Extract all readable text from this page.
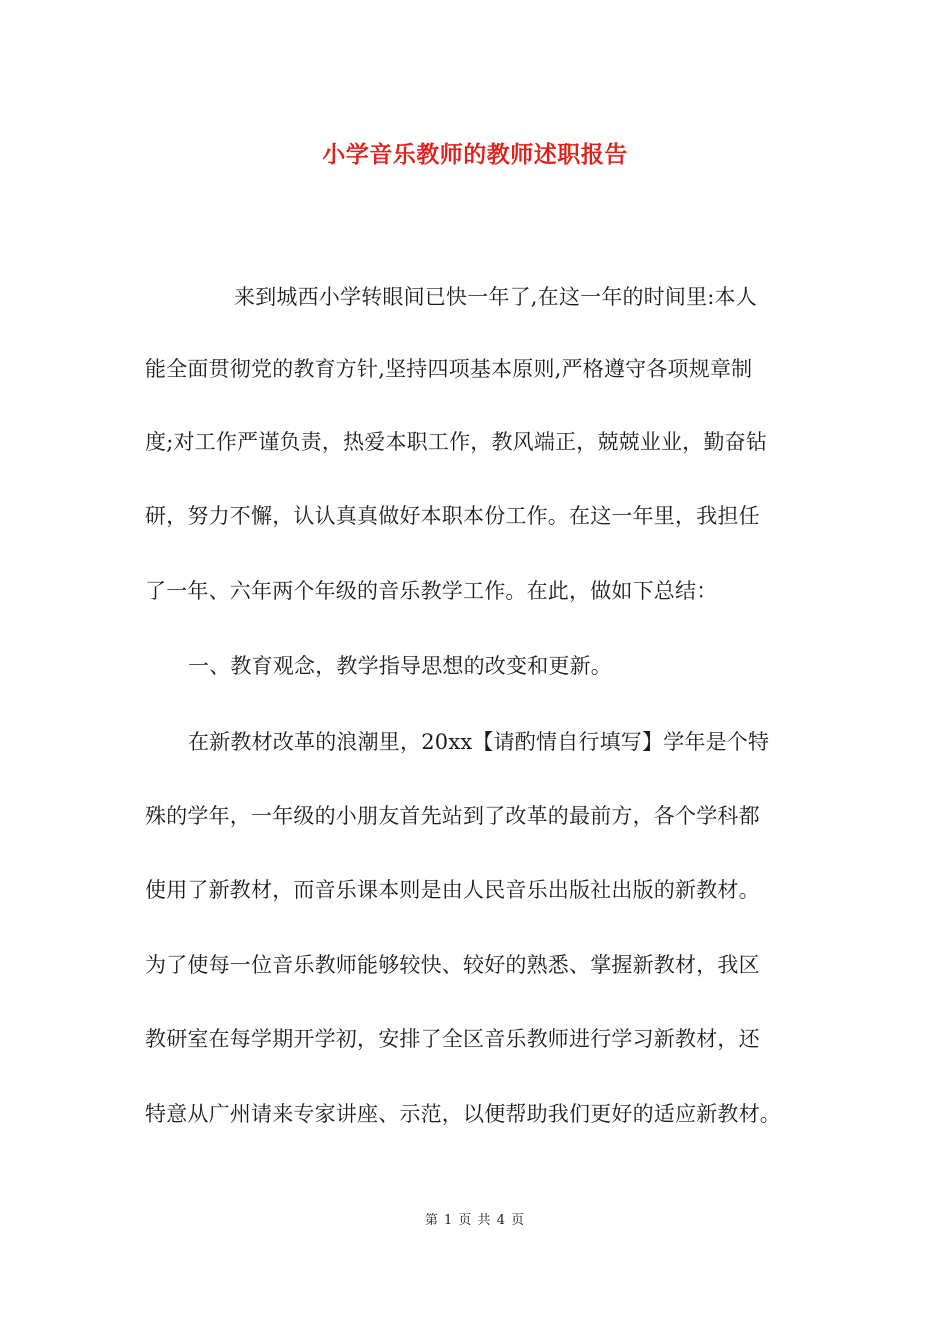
小学音乐教师的教师述职报告
来到城西小学转眼间已快一年了,在这一年的时间里:本人
能全面贯彻党的教育方针,坚持四项基本原则,严格遵守各项规章制
度;对工作严谨负责，热爱本职工作，教风端正，兢兢业业，勤奋钻
研，努力不懈，认认真真做好本职本份工作。在这一年里，我担任
了一年、六年两个年级的音乐教学工作。在此，做如下总结：
一、教育观念，教学指导思想的改变和更新。
在新教材改革的浪潮里，20xx【请酌情自行填写】学年是个特
殊的学年，一年级的小朋友首先站到了改革的最前方，各个学科都
使用了新教材，而音乐课本则是由人民音乐出版社出版的新教材。
为了使每一位音乐教师能够较快、较好的熟悉、掌握新教材，我区
教研室在每学期开学初，安排了全区音乐教师进行学习新教材，还
特意从广州请来专家讲座、示范，以便帮助我们更好的适应新教材。
第 1 页 共 4 页
